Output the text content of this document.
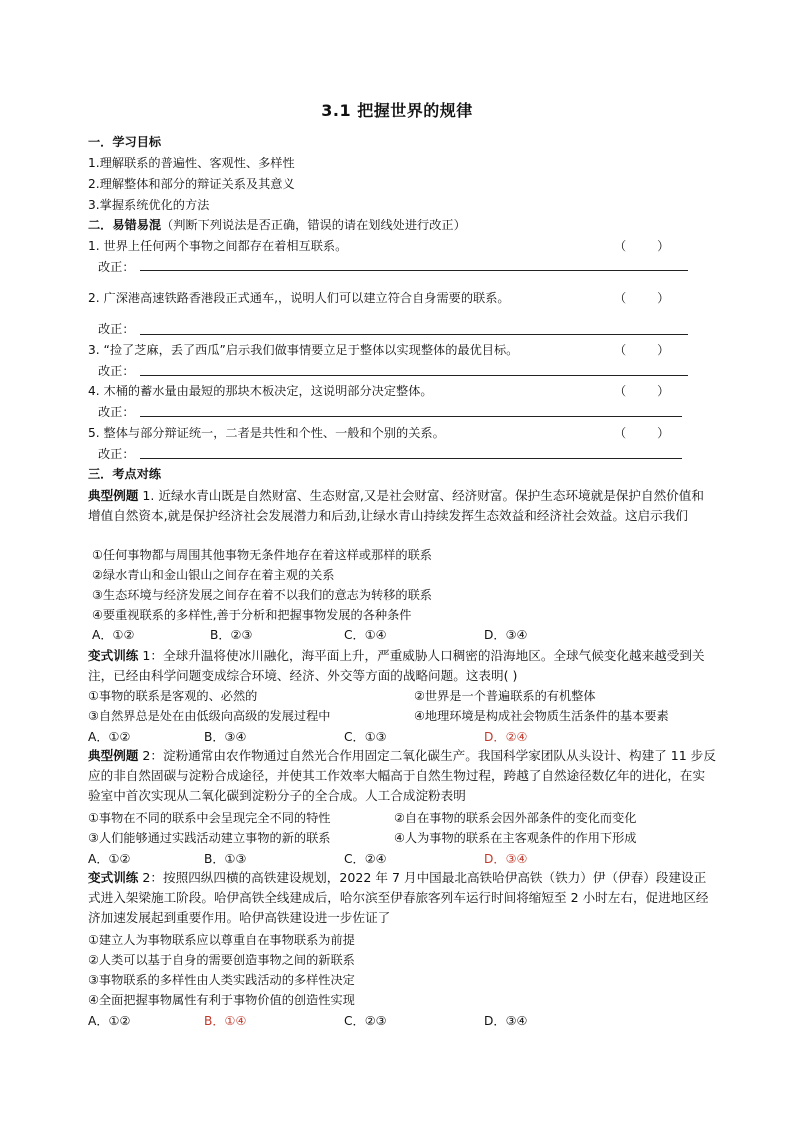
3.1 把握世界的规律
一．学习目标
1.理解联系的普遍性、客观性、多样性
2.理解整体和部分的辩证关系及其意义
3.掌握系统优化的方法
二．易错易混（判断下列说法是否正确，错误的请在划线处进行改正）
1. 世界上任何两个事物之间都存在着相互联系。	（        ）
改正：
2. 广深港高速铁路香港段正式通车,，说明人们可以建立符合自身需要的联系。	（        ）
改正：
3. “捡了芝麻，丢了西瓜”启示我们做事情要立足于整体以实现整体的最优目标。	（        ）
改正：
4. 木桶的蓄水量由最短的那块木板决定，这说明部分决定整体。	（        ）
改正：
5. 整体与部分辩证统一，二者是共性和个性、一般和个别的关系。	（        ）
改正：
三．考点对练
典型例题 1. 近绿水青山既是自然财富、生态财富,又是社会财富、经济财富。保护生态环境就是保护自然价值和增值自然资本,就是保护经济社会发展潜力和后劲,让绿水青山持续发挥生态效益和经济社会效益。这启示我们
①任何事物都与周围其他事物无条件地存在着这样或那样的联系
②绿水青山和金山银山之间存在着主观的关系
③生态环境与经济发展之间存在着不以我们的意志为转移的联系
④要重视联系的多样性,善于分析和把握事物发展的各种条件
A．①②	B．②③	C．①④	D．③④
变式训练 1：全球升温将使冰川融化，海平面上升，严重威胁人口稠密的沿海地区。全球气候变化越来越受到关注，已经由科学问题变成综合环境、经济、外交等方面的战略问题。这表明( )
①事物的联系是客观的、必然的	②世界是一个普遍联系的有机整体
③自然界总是处在由低级向高级的发展过程中	④地理环境是构成社会物质生活条件的基本要素
A．①②	B．③④	C．①③	D．②④
典型例题 2：淀粉通常由农作物通过自然光合作用固定二氧化碳生产。我国科学家团队从头设计、构建了 11 步反应的非自然固碳与淀粉合成途径，并使其工作效率大幅高于自然生物过程，跨越了自然途径数亿年的进化，在实验室中首次实现从二氧化碳到淀粉分子的全合成。人工合成淀粉表明
①事物在不同的联系中会呈现完全不同的特性	②自在事物的联系会因外部条件的变化而变化
③人们能够通过实践活动建立事物的新的联系	④人为事物的联系在主客观条件的作用下形成
A．①②	B．①③	C．②④	D．③④
变式训练 2：按照四纵四横的高铁建设规划，2022 年 7 月中国最北高铁哈伊高铁（铁力）伊（伊春）段建设正式进入架梁施工阶段。哈伊高铁全线建成后，哈尔滨至伊春旅客列车运行时间将缩短至 2 小时左右，促进地区经济加速发展起到重要作用。哈伊高铁建设进一步佐证了
①建立人为事物联系应以尊重自在事物联系为前提
②人类可以基于自身的需要创造事物之间的新联系
③事物联系的多样性由人类实践活动的多样性决定
④全面把握事物属性有利于事物价值的创造性实现
A．①②	B．①④	C．②③	D．③④
